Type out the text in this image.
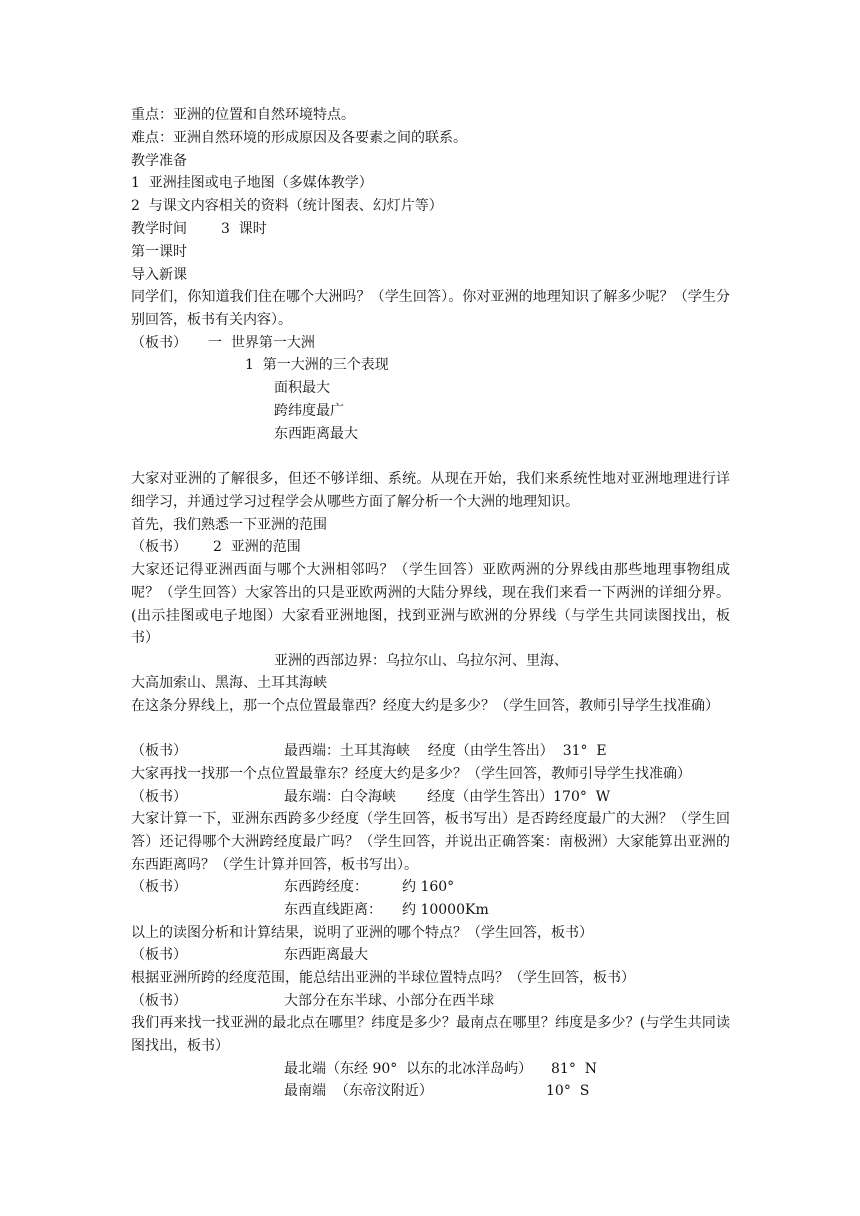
重点：亚洲的位置和自然环境特点。
难点：亚洲自然环境的形成原因及各要素之间的联系。
教学准备
1  亚洲挂图或电子地图（多媒体教学）
2  与课文内容相关的资料（统计图表、幻灯片等）
教学时间 3  课时
第一课时
导入新课
同学们，你知道我们住在哪个大洲吗？（学生回答）。你对亚洲的地理知识了解多少呢？（学生分别回答，板书有关内容）。
（板书） 一  世界第一大洲
1  第一大洲的三个表现
面积最大
跨纬度最广
东西距离最大
大家对亚洲的了解很多，但还不够详细、系统。从现在开始，我们来系统性地对亚洲地理进行详细学习，并通过学习过程学会从哪些方面了解分析一个大洲的地理知识。
首先，我们熟悉一下亚洲的范围
（板书） 2  亚洲的范围
大家还记得亚洲西面与哪个大洲相邻吗？（学生回答）亚欧两洲的分界线由那些地理事物组成呢？（学生回答）大家答出的只是亚欧两洲的大陆分界线，现在我们来看一下两洲的详细分界。(出示挂图或电子地图）大家看亚洲地图，找到亚洲与欧洲的分界线（与学生共同读图找出，板书）
亚洲的西部边界：乌拉尔山、乌拉尔河、里海、
大高加索山、黑海、土耳其海峡
在这条分界线上，那一个点位置最靠西？经度大约是多少？（学生回答，教师引导学生找准确）
（板书）	最西端：土耳其海峡    经度（由学生答出）  31°  E
大家再找一找那一个点位置最靠东？经度大约是多少？（学生回答，教师引导学生找准确）
（板书）	最东端：白令海峡       经度（由学生答出）170°  W
大家计算一下，亚洲东西跨多少经度（学生回答，板书写出）是否跨经度最广的大洲？（学生回答）还记得哪个大洲跨经度最广吗？（学生回答，并说出正确答案：南极洲）大家能算出亚洲的东西距离吗？（学生计算并回答，板书写出）。
（板书）	东西跨经度： 约 160°
东西直线距离： 约 10000Km
以上的读图分析和计算结果，说明了亚洲的哪个特点？（学生回答，板书）
（板书）	东西距离最大
根据亚洲所跨的经度范围，能总结出亚洲的半球位置特点吗？（学生回答，板书）
（板书）	大部分在东半球、小部分在西半球
我们再来找一找亚洲的最北点在哪里？纬度是多少？最南点在哪里？纬度是多少？(与学生共同读图找出，板书）
最北端（东经 90°  以东的北冰洋岛屿） 81°  N
最南端  （东帝汶附近）	10°  S
